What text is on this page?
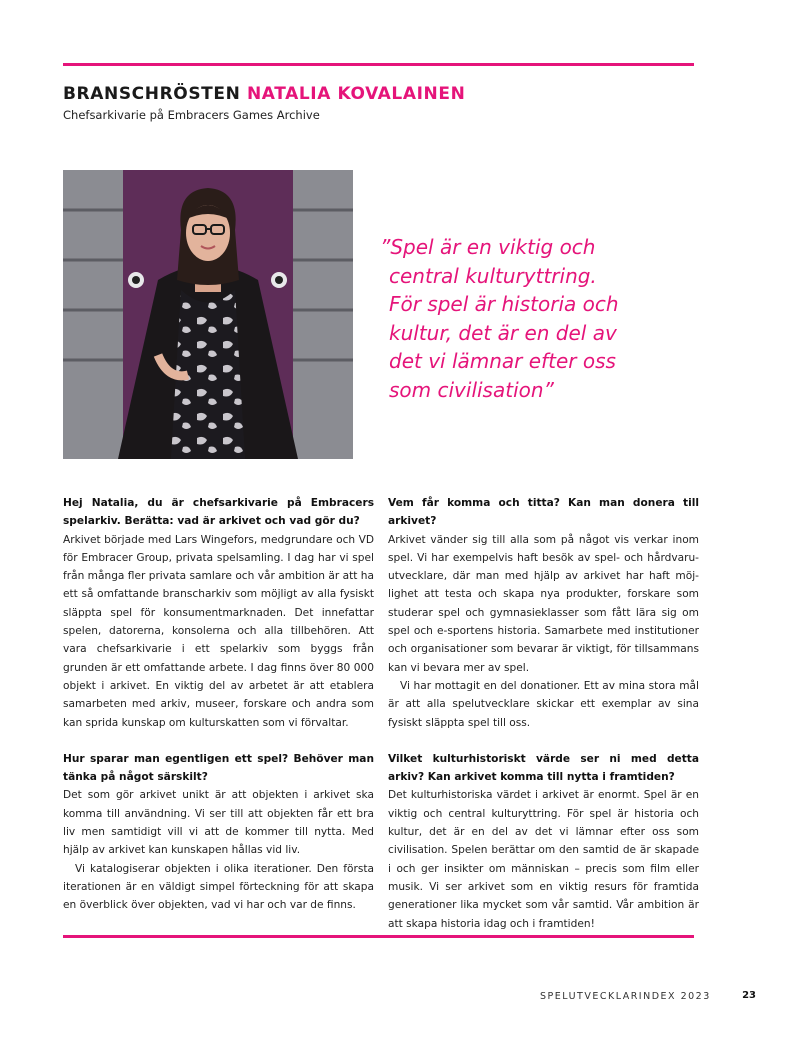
BRANSCHRÖSTEN NATALIA KOVALAINEN
Chefsarkivarie på Embracers Games Archive
”Spel är en viktig och
central kulturyttring.
För spel är historia och
kultur, det är en del av
det vi lämnar efter oss
som civilisation”

Hej Natalia, du är chefsarkivarie på Embracers spelarkiv. Berätta: vad är arkivet och vad gör du?

Arkivet började med Lars Wingefors, medgrundare och VD för Embracer Group, privata spelsamling. I dag har vi spel från många fler privata samlare och vår ambition är att ha ett så omfattande branscharkiv som möjligt av alla fysiskt släppta spel för konsumentmarknaden. Det innefattar spelen, datorerna, konsolerna och alla tillbehören. Att vara chefsarkivarie i ett spelarkiv som byggs från grunden är ett omfattande arbete. I dag finns över 80 000 objekt i arkivet. En viktig del av arbetet är att etablera samarbeten med arkiv, museer, forskare och andra som kan sprida kunskap om kulturskatten som vi förvaltar.

Hur sparar man egentligen ett spel? Behöver man tänka på något särskilt?

Det som gör arkivet unikt är att objekten i arkivet ska komma till användning. Vi ser till att objekten får ett bra liv men samtidigt vill vi att de kommer till nytta. Med hjälp av arkivet kan kunskapen hållas vid liv.

Vi katalogiserar objekten i olika iterationer. Den första iterationen är en väldigt simpel förteckning för att skapa en överblick över objekten, vad vi har och var de finns.

Vem får komma och titta? Kan man donera till arkivet?

Arkivet vänder sig till alla som på något vis verkar inom spel. Vi har exempelvis haft besök av spel- och hårdvaruutvecklare, där man med hjälp av arkivet har haft möjlighet att testa och skapa nya produkter, forskare som studerar spel och gymnasieklasser som fått lära sig om spel och e-sportens historia. Samarbete med institutioner och organisationer som bevarar är viktigt, för tillsammans kan vi bevara mer av spel.

Vi har mottagit en del donationer. Ett av mina stora mål är att alla spelutvecklare skickar ett exemplar av sina fysiskt släppta spel till oss.

Vilket kulturhistoriskt värde ser ni med detta arkiv? Kan arkivet komma till nytta i framtiden?

Det kulturhistoriska värdet i arkivet är enormt. Spel är en viktig och central kulturyttring. För spel är historia och kultur, det är en del av det vi lämnar efter oss som civilisation. Spelen berättar om den samtid de är skapade i och ger insikter om människan – precis som film eller musik. Vi ser arkivet som en viktig resurs för framtida generationer lika mycket som vår samtid. Vår ambition är att skapa historia idag och i framtiden!

SPELUTVECKLARINDEX 2023	23
